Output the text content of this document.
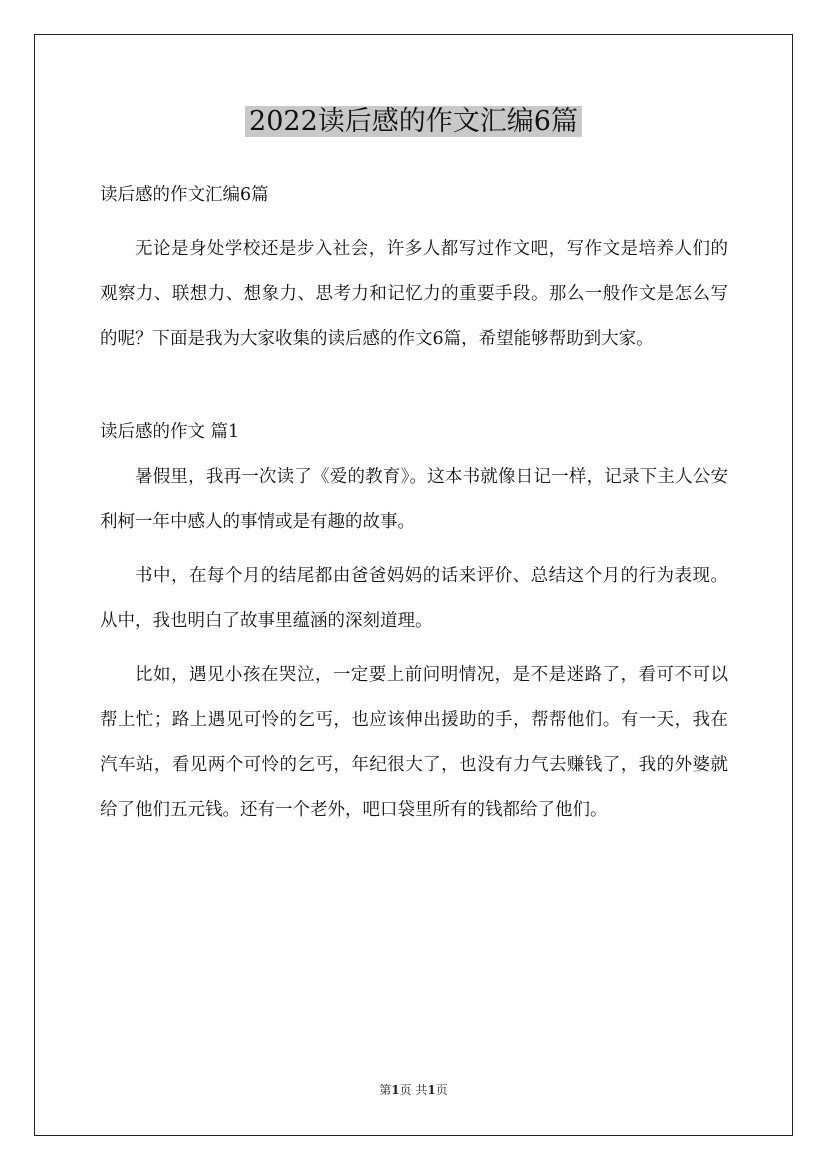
2022读后感的作文汇编6篇

读后感的作文汇编6篇

无论是身处学校还是步入社会，许多人都写过作文吧，写作文是培养人们的观察力、联想力、想象力、思考力和记忆力的重要手段。那么一般作文是怎么写的呢？下面是我为大家收集的读后感的作文6篇，希望能够帮助到大家。

读后感的作文 篇1

暑假里，我再一次读了《爱的教育》。这本书就像日记一样，记录下主人公安利柯一年中感人的事情或是有趣的故事。

书中，在每个月的结尾都由爸爸妈妈的话来评价、总结这个月的行为表现。从中，我也明白了故事里蕴涵的深刻道理。

比如，遇见小孩在哭泣，一定要上前问明情况，是不是迷路了，看可不可以帮上忙；路上遇见可怜的乞丐，也应该伸出援助的手，帮帮他们。有一天，我在汽车站，看见两个可怜的乞丐，年纪很大了，也没有力气去赚钱了，我的外婆就给了他们五元钱。还有一个老外，吧口袋里所有的钱都给了他们。

第1页 共1页
